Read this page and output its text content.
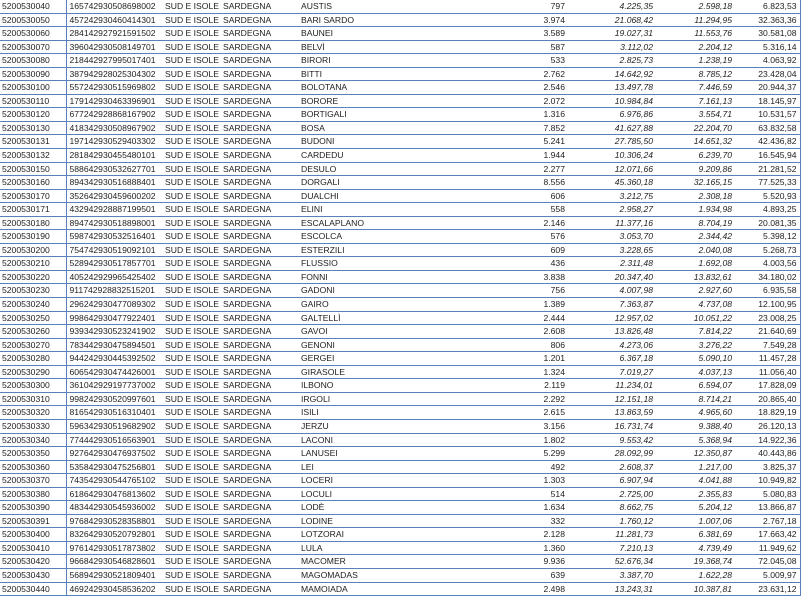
5200530040	165742930508698002	SUD E ISOLE	SARDEGNA	AUSTIS	797	4.225,35	2.598,18	6.823,53
5200530050	457242930460414301	SUD E ISOLE	SARDEGNA	BARI SARDO	3.974	21.068,42	11.294,95	32.363,36
5200530060	284142927921591502	SUD E ISOLE	SARDEGNA	BAUNEI	3.589	19.027,31	11.553,76	30.581,08
5200530070	396042930508149701	SUD E ISOLE	SARDEGNA	BELVÌ	587	3.112,02	2.204,12	5.316,14
5200530080	218442927995017401	SUD E ISOLE	SARDEGNA	BIRORI	533	2.825,73	1.238,19	4.063,92
5200530090	387942928025304302	SUD E ISOLE	SARDEGNA	BITTI	2.762	14.642,92	8.785,12	23.428,04
5200530100	557242930515969802	SUD E ISOLE	SARDEGNA	BOLOTANA	2.546	13.497,78	7.446,59	20.944,37
5200530110	179142930463396901	SUD E ISOLE	SARDEGNA	BORORE	2.072	10.984,84	7.161,13	18.145,97
5200530120	677242928868167902	SUD E ISOLE	SARDEGNA	BORTIGALI	1.316	6.976,86	3.554,71	10.531,57
5200530130	418342930508967902	SUD E ISOLE	SARDEGNA	BOSA	7.852	41.627,88	22.204,70	63.832,58
5200530131	197142930529403302	SUD E ISOLE	SARDEGNA	BUDONI	5.241	27.785,50	14.651,32	42.436,82
5200530132	281842930455480101	SUD E ISOLE	SARDEGNA	CARDEDU	1.944	10.306,24	6.239,70	16.545,94
5200530150	588642930532627701	SUD E ISOLE	SARDEGNA	DESULO	2.277	12.071,66	9.209,86	21.281,52
5200530160	894342930516888401	SUD E ISOLE	SARDEGNA	DORGALI	8.556	45.360,18	32.165,15	77.525,33
5200530170	352642930459600202	SUD E ISOLE	SARDEGNA	DUALCHI	606	3.212,75	2.308,18	5.520,93
5200530171	432942928887199501	SUD E ISOLE	SARDEGNA	ELINI	558	2.958,27	1.934,98	4.893,25
5200530180	894742930518898001	SUD E ISOLE	SARDEGNA	ESCALAPLANO	2.146	11.377,16	8.704,19	20.081,35
5200530190	598742930532516401	SUD E ISOLE	SARDEGNA	ESCOLCA	576	3.053,70	2.344,42	5.398,12
5200530200	754742930519092101	SUD E ISOLE	SARDEGNA	ESTERZILI	609	3.228,65	2.040,08	5.268,73
5200530210	528942930517857701	SUD E ISOLE	SARDEGNA	FLUSSIO	436	2.311,48	1.692,08	4.003,56
5200530220	405242929965425402	SUD E ISOLE	SARDEGNA	FONNI	3.838	20.347,40	13.832,61	34.180,02
5200530230	911742928832515201	SUD E ISOLE	SARDEGNA	GADONI	756	4.007,98	2.927,60	6.935,58
5200530240	296242930477089302	SUD E ISOLE	SARDEGNA	GAIRO	1.389	7.363,87	4.737,08	12.100,95
5200530250	998642930477922401	SUD E ISOLE	SARDEGNA	GALTELLÌ	2.444	12.957,02	10.051,22	23.008,25
5200530260	939342930523241902	SUD E ISOLE	SARDEGNA	GAVOI	2.608	13.826,48	7.814,22	21.640,69
5200530270	783442930475894501	SUD E ISOLE	SARDEGNA	GENONI	806	4.273,06	3.276,22	7.549,28
5200530280	944242930445392502	SUD E ISOLE	SARDEGNA	GERGEI	1.201	6.367,18	5.090,10	11.457,28
5200530290	606542930474426001	SUD E ISOLE	SARDEGNA	GIRASOLE	1.324	7.019,27	4.037,13	11.056,40
5200530300	361042929197737002	SUD E ISOLE	SARDEGNA	ILBONO	2.119	11.234,01	6.594,07	17.828,09
5200530310	998242930520997601	SUD E ISOLE	SARDEGNA	IRGOLI	2.292	12.151,18	8.714,21	20.865,40
5200530320	816542930516310401	SUD E ISOLE	SARDEGNA	ISILI	2.615	13.863,59	4.965,60	18.829,19
5200530330	596342930519682902	SUD E ISOLE	SARDEGNA	JERZU	3.156	16.731,74	9.388,40	26.120,13
5200530340	774442930516563901	SUD E ISOLE	SARDEGNA	LACONI	1.802	9.553,42	5.368,94	14.922,36
5200530350	927642930476937502	SUD E ISOLE	SARDEGNA	LANUSEI	5.299	28.092,99	12.350,87	40.443,86
5200530360	535842930475256801	SUD E ISOLE	SARDEGNA	LEI	492	2.608,37	1.217,00	3.825,37
5200530370	743542930544765102	SUD E ISOLE	SARDEGNA	LOCERI	1.303	6.907,94	4.041,88	10.949,82
5200530380	618642930476813602	SUD E ISOLE	SARDEGNA	LOCULI	514	2.725,00	2.355,83	5.080,83
5200530390	483442930545936002	SUD E ISOLE	SARDEGNA	LODÈ	1.634	8.662,75	5.204,12	13.866,87
5200530391	976842930528358801	SUD E ISOLE	SARDEGNA	LODINE	332	1.760,12	1.007,06	2.767,18
5200530400	832642930520792801	SUD E ISOLE	SARDEGNA	LOTZORAI	2.128	11.281,73	6.381,69	17.663,42
5200530410	976142930517873802	SUD E ISOLE	SARDEGNA	LULA	1.360	7.210,13	4.739,49	11.949,62
5200530420	966842930546828601	SUD E ISOLE	SARDEGNA	MACOMER	9.936	52.676,34	19.368,74	72.045,08
5200530430	568942930521809401	SUD E ISOLE	SARDEGNA	MAGOMADAS	639	3.387,70	1.622,28	5.009,97
5200530440	469242930458536202	SUD E ISOLE	SARDEGNA	MAMOIADA	2.498	13.243,31	10.387,81	23.631,12
